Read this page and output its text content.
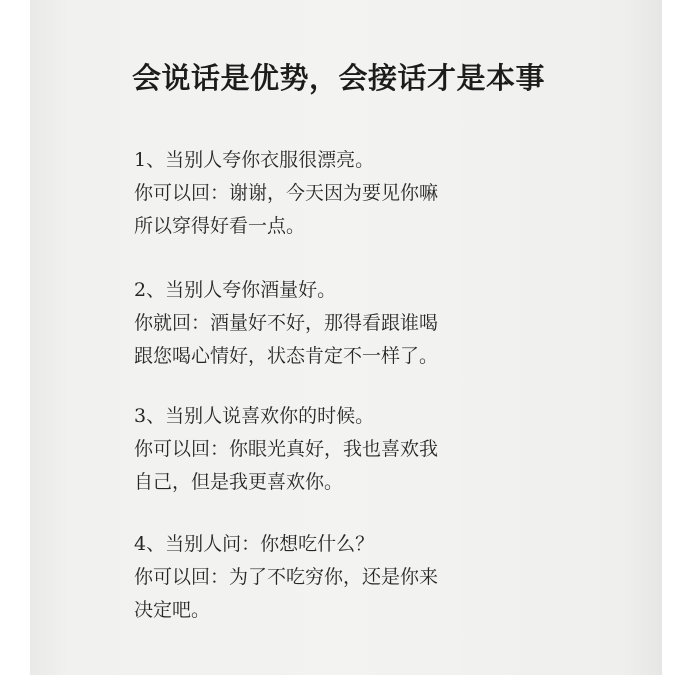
会说话是优势，会接话才是本事

1、当别人夸你衣服很漂亮。

你可以回：谢谢，今天因为要见你嘛

所以穿得好看一点。

2、当别人夸你酒量好。

你就回：酒量好不好，那得看跟谁喝

跟您喝心情好，状态肯定不一样了。

3、当别人说喜欢你的时候。

你可以回：你眼光真好，我也喜欢我

自己，但是我更喜欢你。

4、当别人问：你想吃什么？

你可以回：为了不吃穷你，还是你来

决定吧。
